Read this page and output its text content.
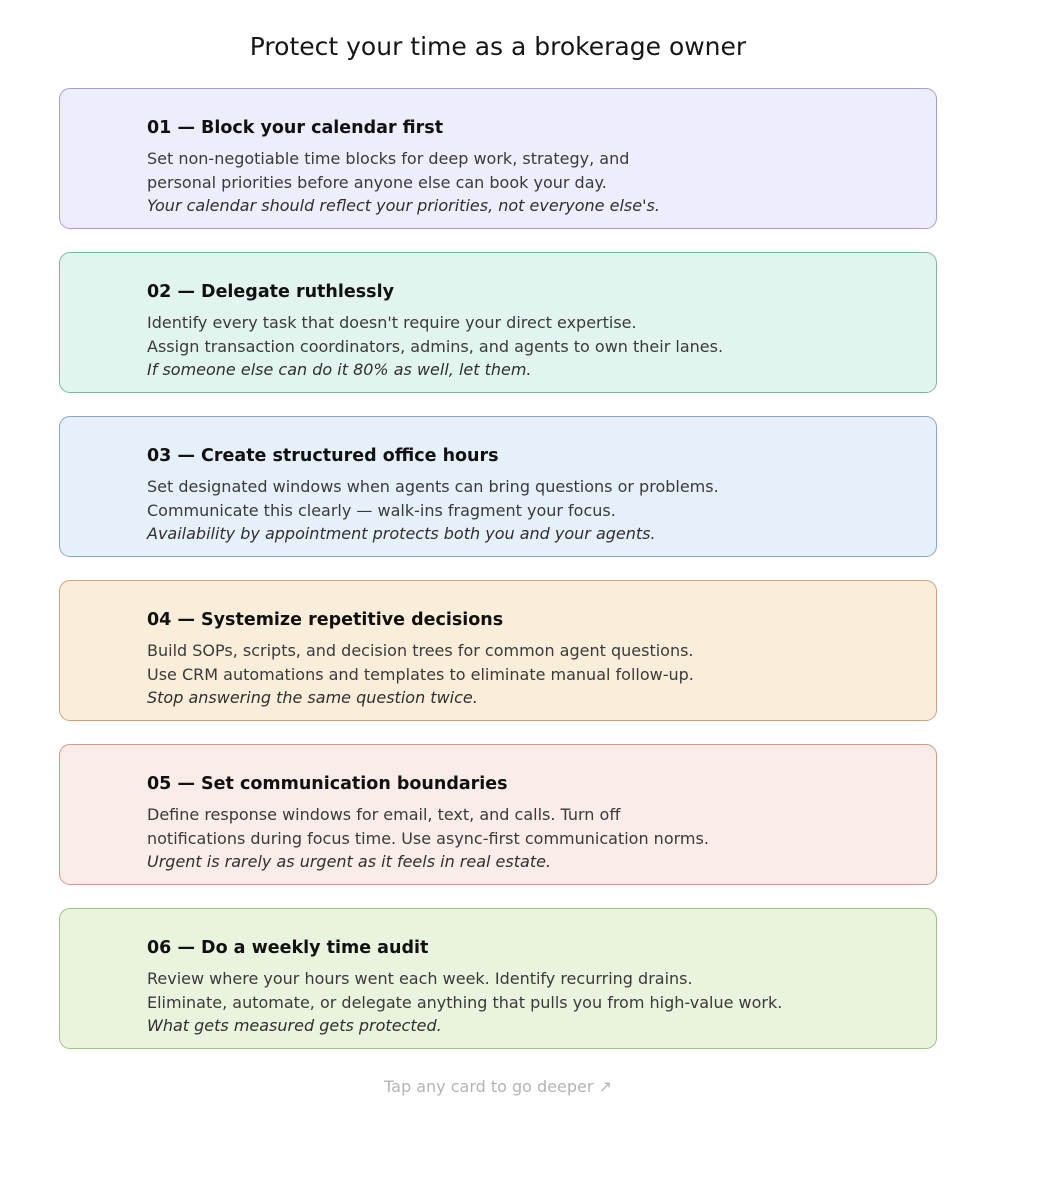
Protect your time as a brokerage owner
01 — Block your calendar first
Set non-negotiable time blocks for deep work, strategy, and
personal priorities before anyone else can book your day.
Your calendar should reflect your priorities, not everyone else's.
02 — Delegate ruthlessly
Identify every task that doesn't require your direct expertise.
Assign transaction coordinators, admins, and agents to own their lanes.
If someone else can do it 80% as well, let them.
03 — Create structured office hours
Set designated windows when agents can bring questions or problems.
Communicate this clearly — walk-ins fragment your focus.
Availability by appointment protects both you and your agents.
04 — Systemize repetitive decisions
Build SOPs, scripts, and decision trees for common agent questions.
Use CRM automations and templates to eliminate manual follow-up.
Stop answering the same question twice.
05 — Set communication boundaries
Define response windows for email, text, and calls. Turn off
notifications during focus time. Use async-first communication norms.
Urgent is rarely as urgent as it feels in real estate.
06 — Do a weekly time audit
Review where your hours went each week. Identify recurring drains.
Eliminate, automate, or delegate anything that pulls you from high-value work.
What gets measured gets protected.
Tap any card to go deeper ↗
